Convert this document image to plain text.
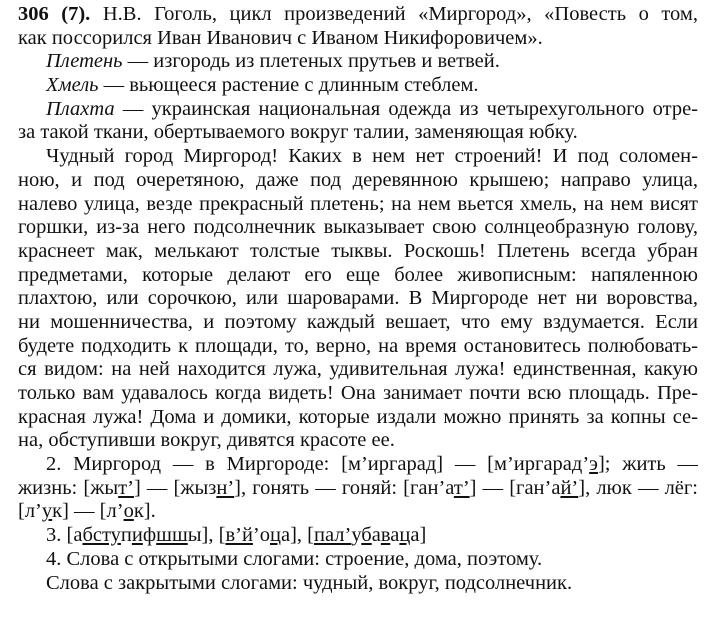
306 (7). Н.В. Гоголь, цикл произведений «Миргород», «Повесть о том,
как поссорился Иван Иванович с Иваном Никифоровичем».
Плетень — изгородь из плетеных прутьев и ветвей.
Хмель — вьющееся растение с длинным стеблем.
Плахта — украинская национальная одежда из четырехугольного отре-
за такой ткани, обертываемого вокруг талии, заменяющая юбку.
Чудный город Миргород! Каких в нем нет строений! И под соломен-
ною, и под очеретяною, даже под деревянною крышею; направо улица,
налево улица, везде прекрасный плетень; на нем вьется хмель, на нем висят
горшки, из-за него подсолнечник выказывает свою солнцеобразную голову,
краснеет мак, мелькают толстые тыквы. Роскошь! Плетень всегда убран
предметами, которые делают его еще более живописным: напяленною
плахтою, или сорочкою, или шароварами. В Миргороде нет ни воровства,
ни мошенничества, и поэтому каждый вешает, что ему вздумается. Если
будете подходить к площади, то, верно, на время остановитесь полюбовать-
ся видом: на ней находится лужа, удивительная лужа! единственная, какую
только вам удавалось когда видеть! Она занимает почти всю площадь. Пре-
красная лужа! Дома и домики, которые издали можно принять за копны се-
на, обступивши вокруг, дивятся красоте ее.
2. Миргород — в Миргороде: [м’иргарад] — [м’иргарад’э]; жить —
жизнь: [жыт’] — [жызн’], гонять — гоняй: [ган’ат’] — [ган’ай’], люк — лёг:
[л’ук] — [л’ок].
3. [абступифшшы], [в’й’оца], [пал’убаваца]
4. Слова с открытыми слогами: строение, дома, поэтому.
Слова с закрытыми слогами: чудный, вокруг, подсолнечник.
